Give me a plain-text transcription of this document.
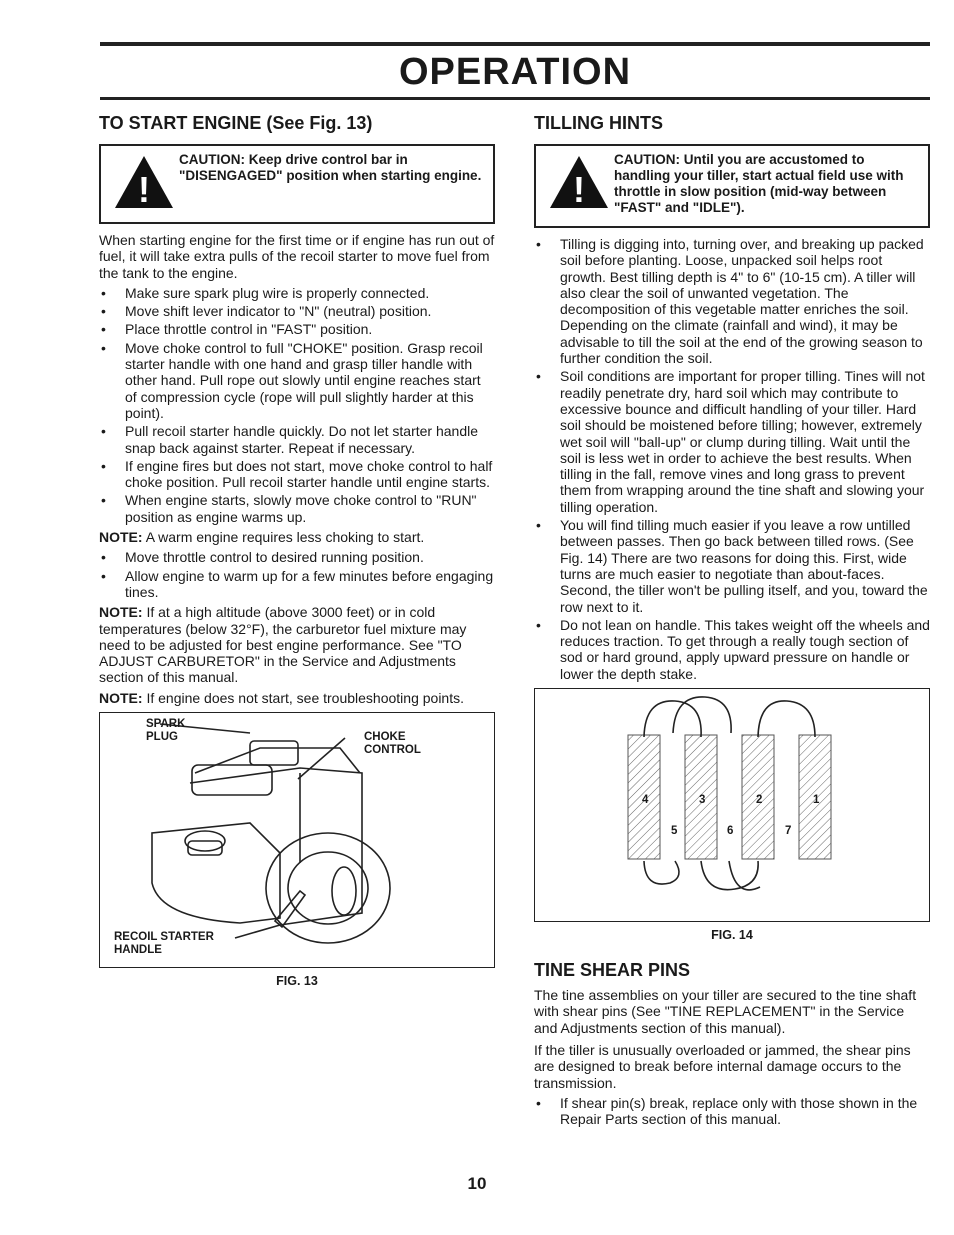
OPERATION
TO START ENGINE (See Fig. 13)
!
CAUTION: Keep drive control bar in "DISENGAGED" position when starting engine.

When starting engine for the first time or if engine has run out of fuel, it will take extra pulls of the recoil starter to move fuel from the tank to the engine.

• Make sure spark plug wire is properly connected.
• Move shift lever indicator to "N" (neutral) position.
• Place throttle control in "FAST" position.
• Move choke control to full "CHOKE" position. Grasp recoil starter handle with one hand and grasp tiller handle with other hand. Pull rope out slowly until engine reaches start of compression cycle (rope will pull slightly harder at this point).
• Pull recoil starter handle quickly. Do not let starter handle snap back against starter. Repeat if necessary.
• If engine fires but does not start, move choke control to half choke position. Pull recoil starter handle until engine starts.
• When engine starts, slowly move choke control to "RUN" position as engine warms up.

NOTE: A warm engine requires less choking to start.

• Move throttle control to desired running position.
• Allow engine to warm up for a few minutes before engaging tines.

NOTE: If at a high altitude (above 3000 feet) or in cold temperatures (below 32°F), the carburetor fuel mixture may need to be adjusted for best engine performance. See "TO ADJUST CARBURETOR" in the Service and Adjustments section of this manual.

NOTE: If engine does not start, see troubleshooting points.

SPARK
PLUG	CHOKE
CONTROL
RECOIL STARTER
HANDLE
FIG. 13
TILLING HINTS
!
CAUTION: Until you are accustomed to handling your tiller, start actual field use with throttle in slow position (mid-way between "FAST" and "IDLE").
• Tilling is digging into, turning over, and breaking up packed soil before planting. Loose, unpacked soil helps root growth. Best tilling depth is 4" to 6" (10-15 cm). A tiller will also clear the soil of unwanted vegetation. The decomposition of this vegetable matter enriches the soil. Depending on the climate (rainfall and wind), it may be advisable to till the soil at the end of the growing season to further condition the soil.
• Soil conditions are important for proper tilling. Tines will not readily penetrate dry, hard soil which may contribute to excessive bounce and difficult handling of your tiller. Hard soil should be moistened before tilling; however, extremely wet soil will "ball-up" or clump during tilling. Wait until the soil is less wet in order to achieve the best results. When tilling in the fall, remove vines and long grass to prevent them from wrapping around the tine shaft and slowing your tilling operation.
• You will find tilling much easier if you leave a row untilled between passes. Then go back between tilled rows. (See Fig. 14) There are two reasons for doing this. First, wide turns are much easier to negotiate than about-faces. Second, the tiller won't be pulling itself, and you, toward the row next to it.
• Do not lean on handle. This takes weight off the wheels and reduces traction. To get through a really tough section of sod or hard ground, apply upward pressure on handle or lower the depth stake.
4
5
3
6
2
7
1
FIG. 14
TINE SHEAR PINS

The tine assemblies on your tiller are secured to the tine shaft with shear pins (See "TINE REPLACEMENT" in the Service and Adjustments section of this manual).

If the tiller is unusually overloaded or jammed, the shear pins are designed to break before internal damage occurs to the transmission.

• If shear pin(s) break, replace only with those shown in the Repair Parts section of this manual.
10
